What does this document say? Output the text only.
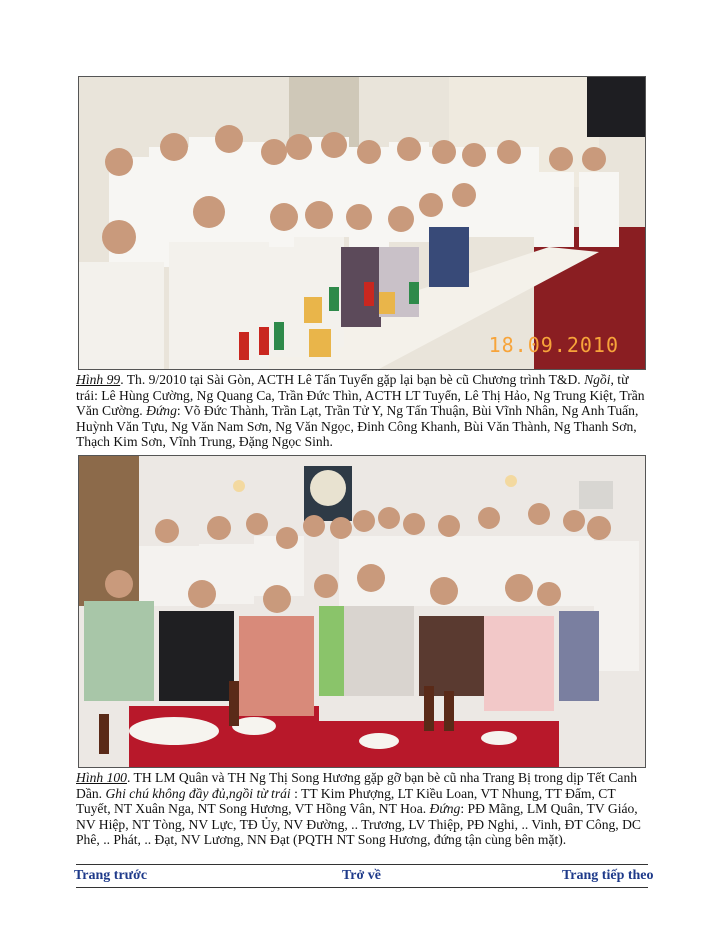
18.09.2010
Hình 99. Th. 9/2010 tại Sài Gòn, ACTH Lê Tấn Tuyển gặp lại bạn bè cũ Chương trình T&D. Ngồi, từ trái: Lê Hùng Cường, Ng Quang Ca, Trần Đức Thìn, ACTH LT Tuyển, Lê Thị Hảo, Ng Trung Kiệt, Trần Văn Cường. Đứng: Võ Đức Thành, Trần Lạt, Trần Tử Y, Ng Tấn Thuận, Bùi Vĩnh Nhân, Ng Anh Tuấn, Huỳnh Văn Tựu, Ng Văn Nam Sơn, Ng Văn Ngọc, Đinh Công Khanh, Bùi Văn Thành, Ng Thanh Sơn, Thạch Kim Sơn, Vĩnh Trung, Đặng Ngọc Sinh.
Hình 100. TH LM Quân và TH Ng Thị Song Hương gặp gỡ bạn bè cũ nha Trang Bị trong dịp Tết Canh Dần. Ghi chú không đầy đủ,ngồi từ trái : TT Kim Phượng, LT Kiều Loan, VT Nhung, TT Đẩm, CT Tuyết, NT Xuân Nga, NT Song Hương, VT Hồng Vân, NT Hoa. Đứng: PĐ Mãng, LM Quân, TV Giáo, NV Hiệp, NT Tòng, NV Lực, TĐ Ủy, NV Đường, .. Trương, LV Thiệp, PĐ Nghi, .. Vinh, ĐT Công, DC Phê, .. Phát, .. Đạt, NV Lương, NN Đạt (PQTH NT Song Hương, đứng tận cùng bên mặt).
Trang trước	Trở về	Trang tiếp theo
